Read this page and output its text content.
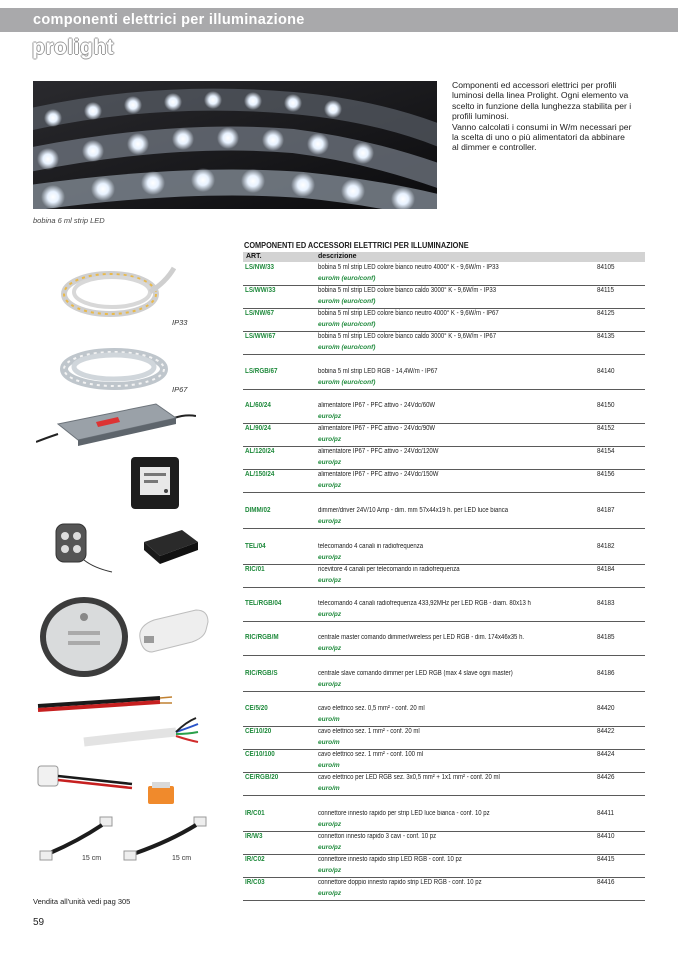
componenti elettrici per illuminazione
prolight
bobina 6 ml strip LED

Componenti ed accessori elettrici per profili luminosi della linea Prolight. Ogni elemento va scelto in funzione della lunghezza stabilita per i profili luminosi.

Vanno calcolati i consumi in W/m necessari per la scelta di uno o più alimentatori da abbinare al dimmer e controller.

IP33
IP67
15 cm	15 cm
COMPONENTI ED ACCESSORI ELETTRICI PER ILLUMINAZIONE
ART.	descrizione
LS/NW/33	bobina 5 ml strip LED colore bianco neutro 4000° K - 9,6W/m - IP33
euro/m (euro/conf)
84105
LS/WW/33	bobina 5 ml strip LED colore bianco caldo 3000° K - 9,6W/m - IP33
euro/m (euro/conf)
84115
LS/NW/67	bobina 5 ml strip LED colore bianco neutro 4000° K - 9,6W/m - IP67
euro/m (euro/conf)
84125
LS/WW/67	bobina 5 ml strip LED colore bianco caldo 3000° K - 9,6W/m - IP67
euro/m (euro/conf)
84135
LS/RGB/67	bobina 5 ml strip LED RGB - 14,4W/m - IP67
euro/m (euro/conf)
84140
AL/60/24	alimentatore IP67 - PFC attivo - 24Vdc/60W
euro/pz
84150
AL/90/24	alimentatore IP67 - PFC attivo - 24Vdc/90W
euro/pz
84152
AL/120/24	alimentatore IP67 - PFC attivo - 24Vdc/120W
euro/pz
84154
AL/150/24	alimentatore IP67 - PFC attivo - 24Vdc/150W
euro/pz
84156
DIMM/02	dimmer/driver 24V/10 Amp - dim. mm 57x44x19 h. per LED luce bianca
euro/pz
84187
TEL/04	telecomando 4 canali in radiofrequenza
euro/pz
84182
RIC/01	ricevitore 4 canali per telecomando in radiofrequenza
euro/pz
84184
TEL/RGB/04	telecomando 4 canali radiofrequenza 433,92MHz per LED RGB - diam. 80x13 h
euro/pz
84183
RIC/RGB/M	centrale master comando dimmer/wireless per LED RGB - dim. 174x46x35 h.
euro/pz
84185
RIC/RGB/S	centrale slave comando dimmer per LED RGB (max 4 slave ogni master)
euro/pz
84186
CE/5/20	cavo elettrico sez. 0,5 mm² - conf. 20 ml
euro/m
84420
CE/10/20	cavo elettrico sez. 1 mm² - conf. 20 ml
euro/m
84422
CE/10/100	cavo elettrico sez. 1 mm² - conf. 100 ml
euro/m
84424
CE/RGB/20	cavo elettrico per LED RGB sez. 3x0,5 mm² + 1x1 mm² - conf. 20 ml
euro/m
84426
IR/C01	connettore innesto rapido per strip LED luce bianca - conf. 10 pz
euro/pz
84411
IR/W3	connettori innesto rapido 3 cavi - conf. 10 pz
euro/pz
84410
IR/C02	connettore innesto rapido strip LED RGB - conf. 10 pz
euro/pz
84415
IR/C03	connettore doppio innesto rapido strip LED RGB - conf. 10 pz
euro/pz
84416
Vendita all'unità vedi pag 305
59
